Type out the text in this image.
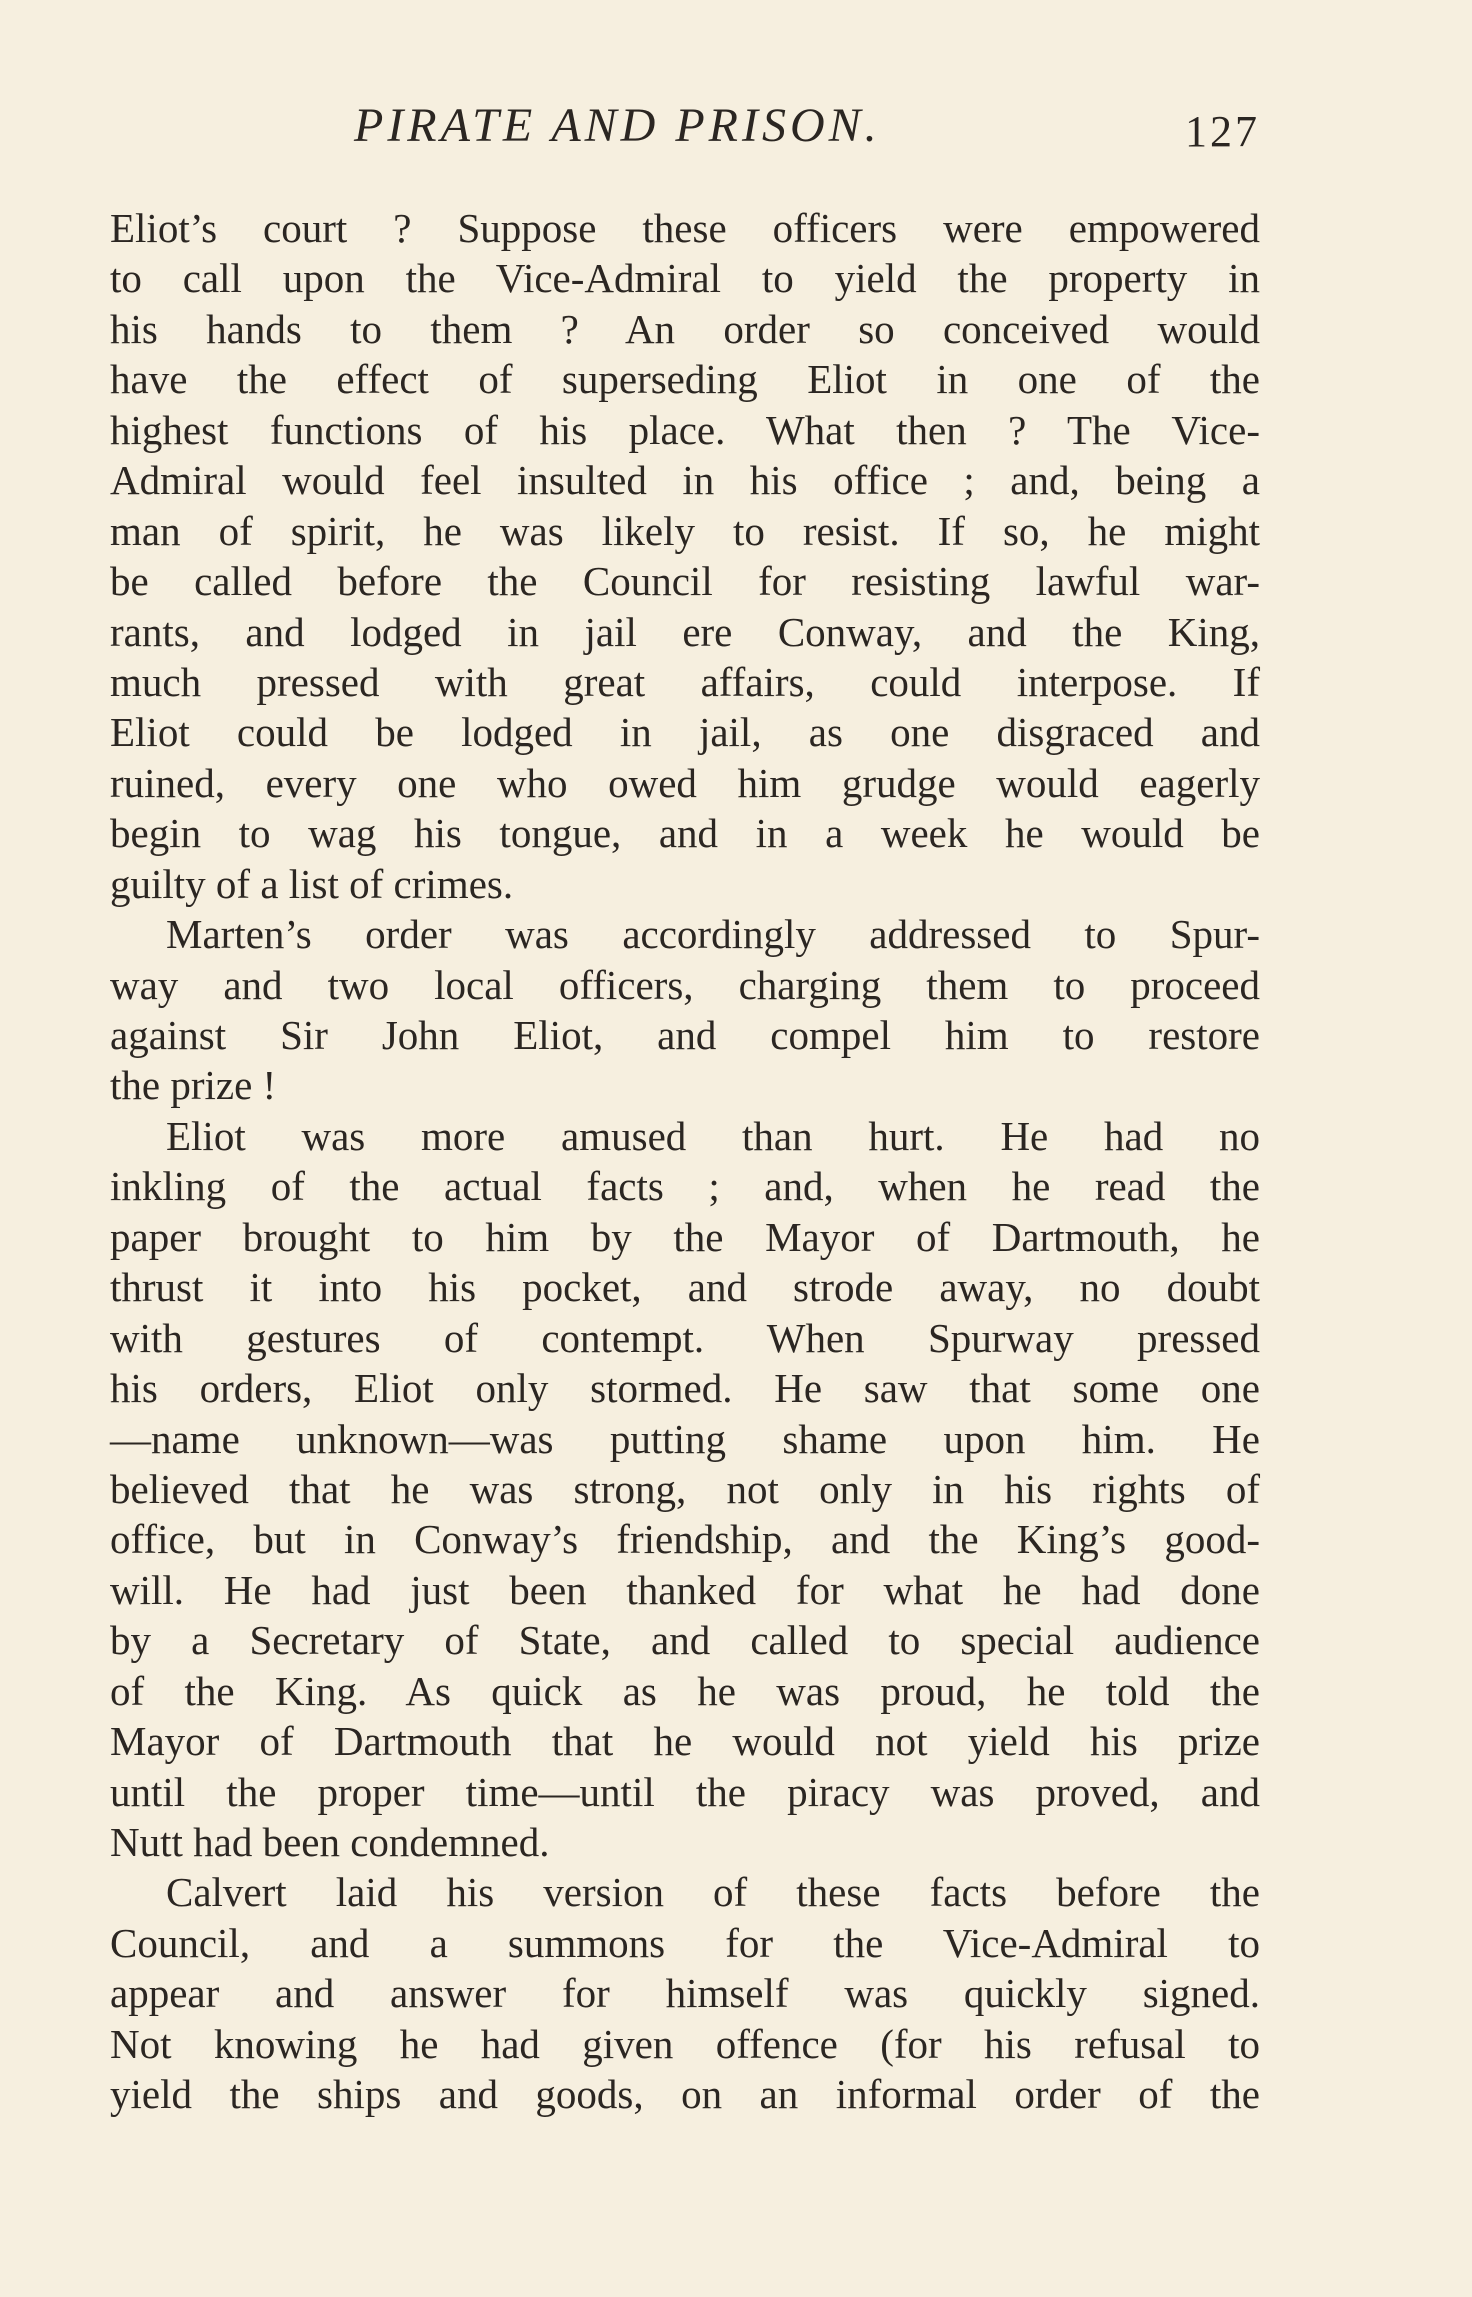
PIRATE AND PRISON.	127
Eliot’s court ? Suppose these officers were empowered
to call upon the Vice-Admiral to yield the property in
his hands to them ? An order so conceived would
have the effect of superseding Eliot in one of the
highest functions of his place. What then ? The Vice-
Admiral would feel insulted in his office ; and, being a
man of spirit, he was likely to resist. If so, he might
be called before the Council for resisting lawful war-
rants, and lodged in jail ere Conway, and the King,
much pressed with great affairs, could interpose. If
Eliot could be lodged in jail, as one disgraced and
ruined, every one who owed him grudge would eagerly
begin to wag his tongue, and in a week he would be
guilty of a list of crimes.
Marten’s order was accordingly addressed to Spur-
way and two local officers, charging them to proceed
against Sir John Eliot, and compel him to restore
the prize !
Eliot was more amused than hurt. He had no
inkling of the actual facts ; and, when he read the
paper brought to him by the Mayor of Dartmouth, he
thrust it into his pocket, and strode away, no doubt
with gestures of contempt. When Spurway pressed
his orders, Eliot only stormed. He saw that some one
—name unknown—was putting shame upon him. He
believed that he was strong, not only in his rights of
office, but in Conway’s friendship, and the King’s good-
will. He had just been thanked for what he had done
by a Secretary of State, and called to special audience
of the King. As quick as he was proud, he told the
Mayor of Dartmouth that he would not yield his prize
until the proper time—until the piracy was proved, and
Nutt had been condemned.
Calvert laid his version of these facts before the
Council, and a summons for the Vice-Admiral to
appear and answer for himself was quickly signed.
Not knowing he had given offence (for his refusal to
yield the ships and goods, on an informal order of the
